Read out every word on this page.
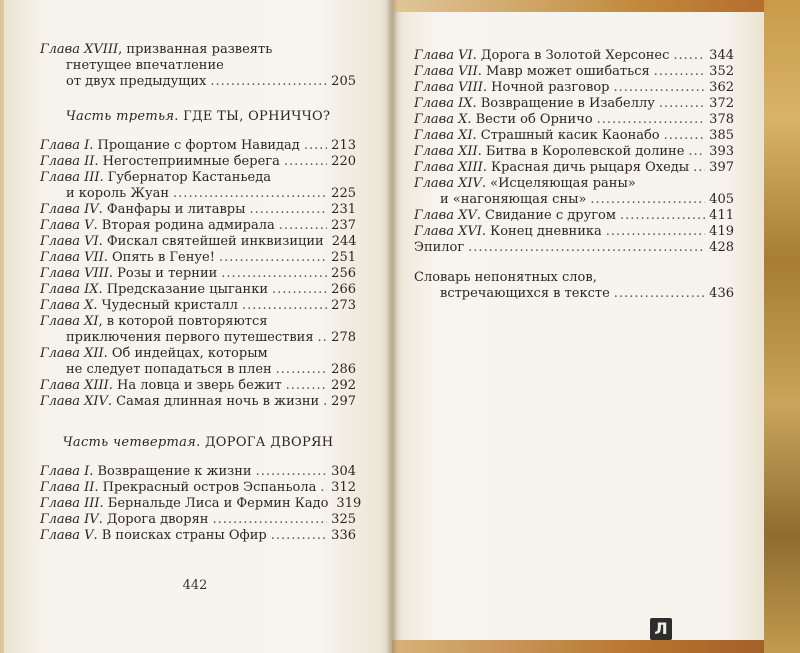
Глава XVIII, призванная развеять
гнетущее впечатление
от двух предыдущих .....	205
Часть третья. ГДЕ ТЫ, ОРНИЧЧО?
Глава I. Прощание с фортом Навидад ..... 213
Глава II. Негостеприимные берега .....	220
Глава III. Губернатор Кастаньеда
и король Жуан .....	225
Глава IV. Фанфары и литавры .....	231
Глава V. Вторая родина адмирала .....	237
Глава VI. Фискал святейшей инквизиции 244
Глава VII. Опять в Генуе! .....	251
Глава VIII. Розы и тернии .....	256
Глава IX. Предсказание цыганки .....	266
Глава X. Чудесный кристалл .....	273
Глава XI, в которой повторяются
приключения первого путешествия ..... 278
Глава XII. Об индейцах, которым
не следует попадаться в плен .....	286
Глава XIII. На ловца и зверь бежит .....	292
Глава XIV. Самая длинная ночь в жизни ..... 297
Часть четвертая. ДОРОГА ДВОРЯН
Глава I. Возвращение к жизни .....	304
Глава II. Прекрасный остров Эспаньола ..... 312
Глава III. Бернальдe Лиса и Фермин Кадо 319
Глава IV. Дорога дворян .....	325
Глава V. В поисках страны Офир .....	336
442
Глава VI. Дорога в Золотой Херсонес .....	344
Глава VII. Мавр может ошибаться .....	352
Глава VIII. Ночной разговор .....	362
Глава IX. Возвращение в Изабеллу .....	372
Глава X. Вести об Орничо .....	378
Глава XI. Страшный касик Каонабо .....	385
Глава XII. Битва в Королевской долине ..... 393
Глава XIII. Красная дичь рыцаря Охеды ..... 397
Глава XIV. «Исцеляющая раны»
и «нагоняющая сны» .....	405
Глава XV. Свидание с другом .....	411
Глава XVI. Конец дневника .....	419
Эпилог .....	428
Словарь непонятных слов,
встречающихся в тексте .....	436
Л
